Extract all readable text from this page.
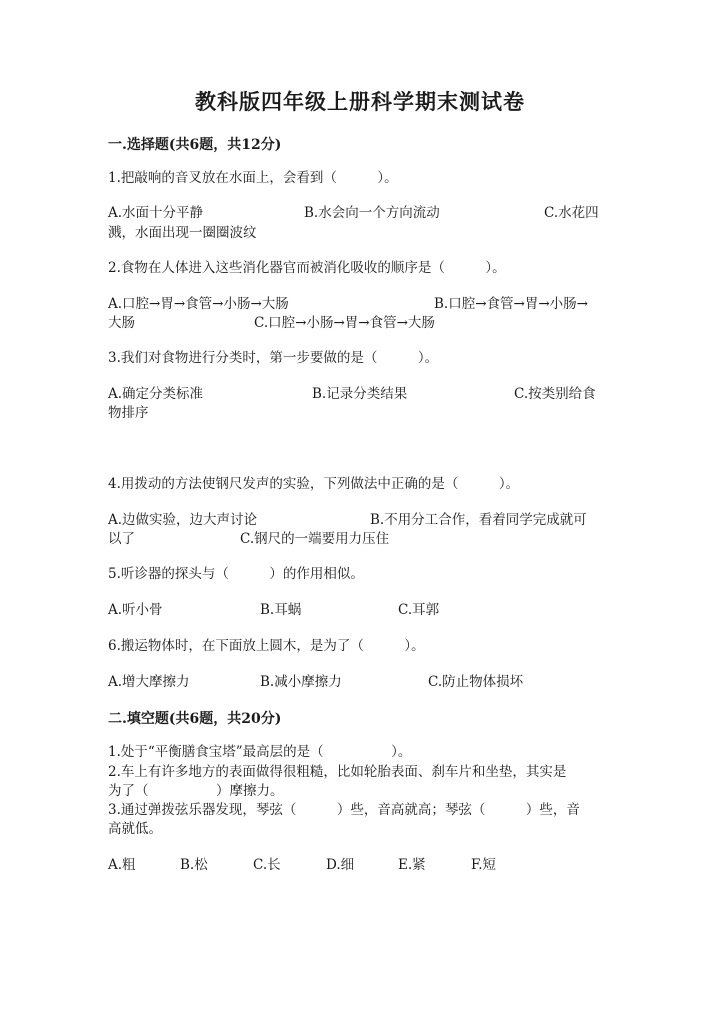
教科版四年级上册科学期末测试卷
一.选择题(共6题，共12分)
1.把敲响的音叉放在水面上，会看到（　　　）。
A.水面十分平静	B.水会向一个方向流动	C.水花四
溅，水面出现一圈圈波纹
2.食物在人体进入这些消化器官而被消化吸收的顺序是（　　　）。
A.口腔→胃→食管→小肠→大肠	B.口腔→食管→胃→小肠→
大肠	C.口腔→小肠→胃→食管→大肠
3.我们对食物进行分类时，第一步要做的是（　　　）。
A.确定分类标准	B.记录分类结果	C.按类别给食
物排序
4.用拨动的方法使钢尺发声的实验，下列做法中正确的是（　　　）。
A.边做实验，边大声讨论	B.不用分工合作，看着同学完成就可
以了	C.钢尺的一端要用力压住
5.听诊器的探头与（　　　）的作用相似。
A.听小骨	B.耳蜗	C.耳郭
6.搬运物体时，在下面放上圆木，是为了（　　　）。
A.增大摩擦力	B.减小摩擦力	C.防止物体损坏
二.填空题(共6题，共20分)
1.处于“平衡膳食宝塔”最高层的是（　　　　　）。
2.车上有许多地方的表面做得很粗糙，比如轮胎表面、刹车片和坐垫，其实是
为了（　　　　　）摩擦力。
3.通过弹拨弦乐器发现，琴弦（　　　）些，音高就高；琴弦（　　　）些，音
高就低。
A.粗	B.松	C.长	D.细	E.紧	F.短
